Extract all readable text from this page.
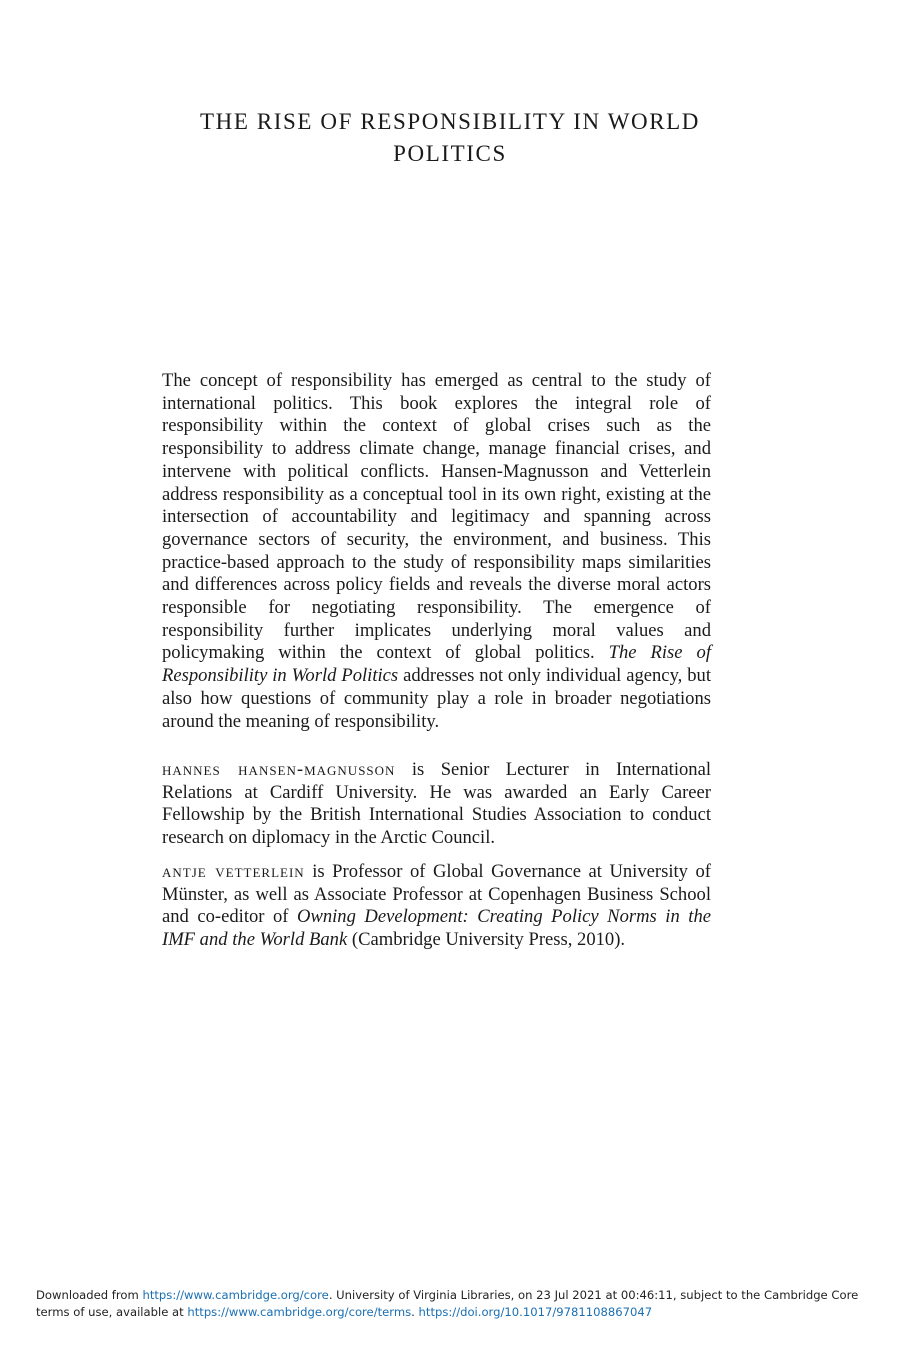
THE RISE OF RESPONSIBILITY IN WORLD
POLITICS

The concept of responsibility has emerged as central to the study of international politics. This book explores the integral role of responsibility within the context of global crises such as the responsibility to address climate change, manage financial crises, and intervene with political conflicts. Hansen-Magnusson and Vetterlein address responsibility as a conceptual tool in its own right, existing at the intersection of accountability and legitimacy and spanning across governance sectors of security, the environment, and business. This practice-based approach to the study of responsibility maps similarities and differences across policy fields and reveals the diverse moral actors responsible for negotiating responsibility. The emergence of responsibility further implicates underlying moral values and policymaking within the context of global politics. The Rise of Responsibility in World Politics addresses not only individual agency, but also how questions of community play a role in broader negotiations around the meaning of responsibility.

hannes hansen-magnusson is Senior Lecturer in International Relations at Cardiff University. He was awarded an Early Career Fellowship by the British International Studies Association to conduct research on diplomacy in the Arctic Council.

antje vetterlein is Professor of Global Governance at University of Münster, as well as Associate Professor at Copenhagen Business School and co-editor of Owning Development: Creating Policy Norms in the IMF and the World Bank (Cambridge University Press, 2010).

Downloaded from https://www.cambridge.org/core. University of Virginia Libraries, on 23 Jul 2021 at 00:46:11, subject to the Cambridge Core terms of use, available at https://www.cambridge.org/core/terms. https://doi.org/10.1017/9781108867047
